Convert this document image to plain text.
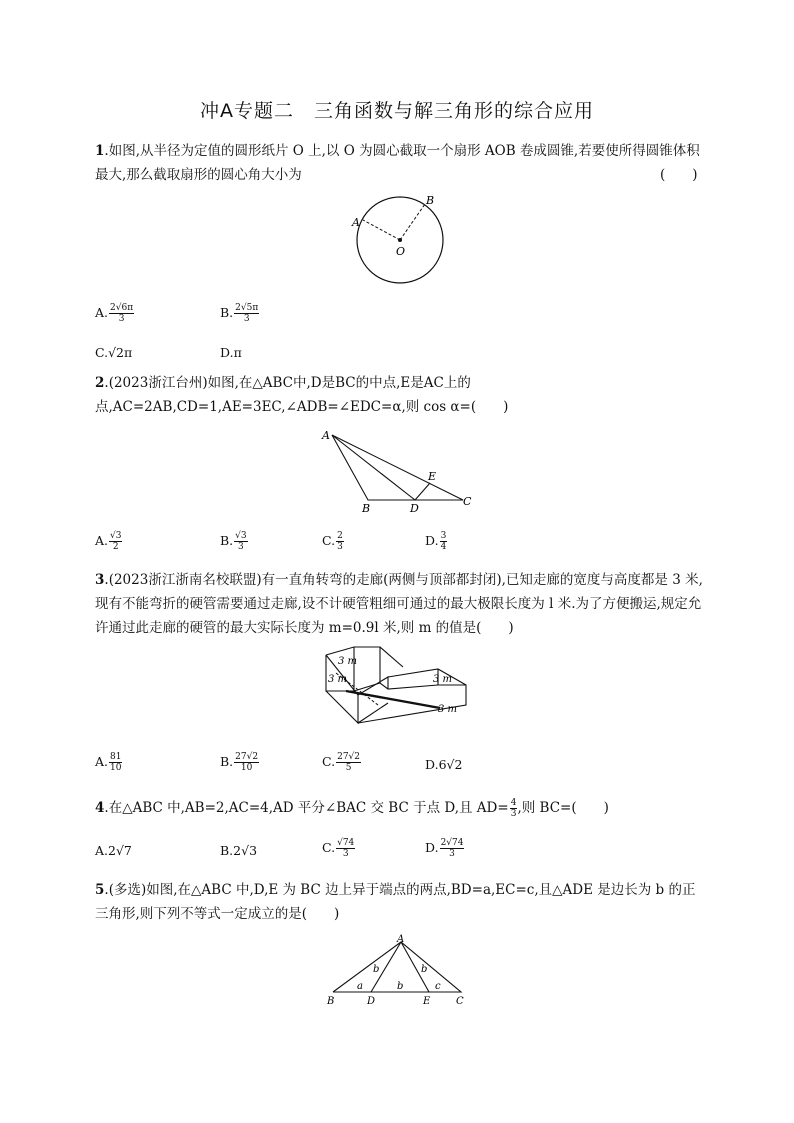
冲A专题二　三角函数与解三角形的综合应用
1.如图,从半径为定值的圆形纸片 O 上,以 O 为圆心截取一个扇形 AOB 卷成圆锥,若要使所得圆锥体积最大,那么截取扇形的圆心角大小为	(　　)
A
B
O
A. $\frac{2√6\pi}{3}$	B. $\frac{2√5\pi}{3}$
C.√2π	D.π
2.(2023浙江台州)如图,在△ABC中,D是BC的中点,E是AC上的点,AC=2AB,CD=1,AE=3EC,∠ADB=∠EDC=α,则 cos α=(　　)
A
B	D
E
C
A. $\frac{√3}{2}$	B. $\frac{√3}{3}$	C. $\frac{2}{3}$	D. $\frac{3}{4}$
3.(2023浙江浙南名校联盟)有一直角转弯的走廊(两侧与顶部都封闭),已知走廊的宽度与高度都是 3 米,现有不能弯折的硬管需要通过走廊,设不计硬管粗细可通过的最大极限长度为 l 米.为了方便搬运,规定允许通过此走廊的硬管的最大实际长度为 m=0.9l 米,则 m 的值是(　　)
3 m
3 m	3 m
3 m
A. $\frac{81}{10}$	B. $\frac{27√2}{10}$	C. $\frac{27√2}{5}$	D.6√2
4.在△ABC 中,AB=2,AC=4,AD 平分∠BAC 交 BC 于点 D,且 $AD= \frac{4}{3}$ ,则 BC=(　　)
A.2√7	B.2√3	C. $\frac{√74}{3}$	D. $\frac{2√74}{3}$
5.(多选)如图,在△ABC 中,D,E 为 BC 边上异于端点的两点,BD=a,EC=c,且△ADE 是边长为 b 的正三角形,则下列不等式一定成立的是(　　)
A
B	D	E	C
a
b
b
b
c
